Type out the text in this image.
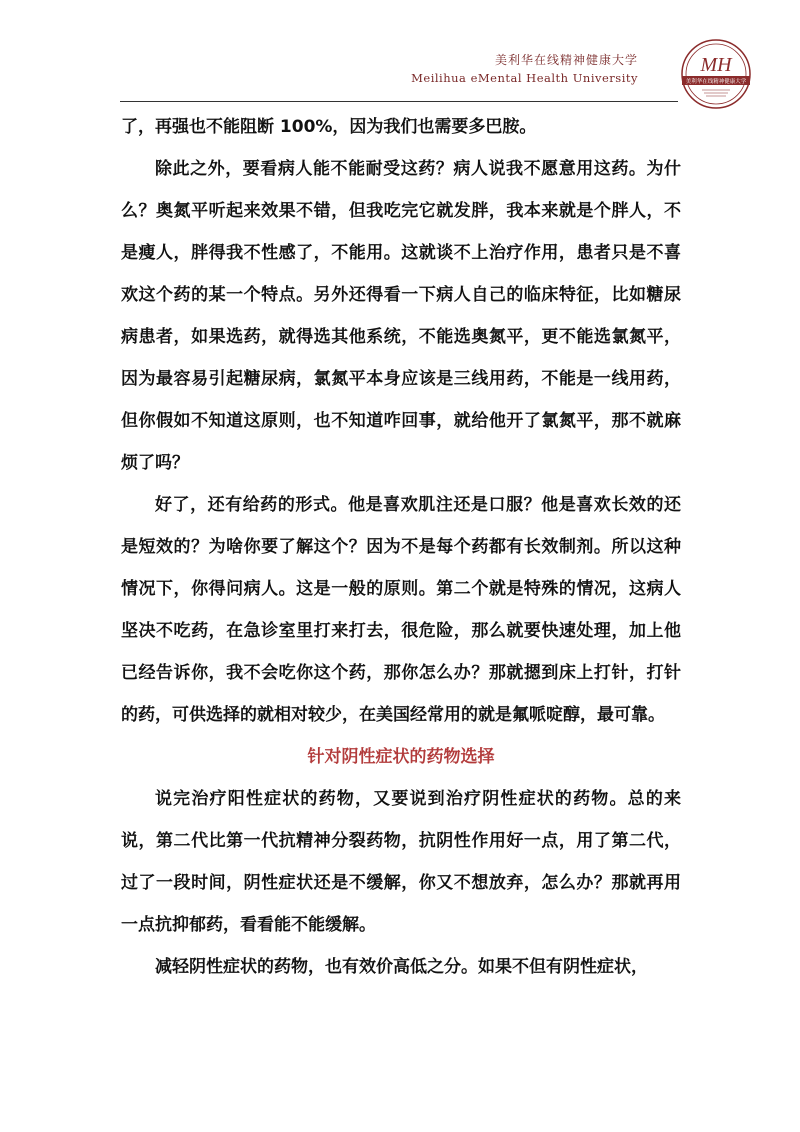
美利华在线精神健康大学
Meilihua eMental Health University
MH
美利华在线精神健康大学

了，再强也不能阻断 100%，因为我们也需要多巴胺。

除此之外，要看病人能不能耐受这药？病人说我不愿意用这药。为什么？奥氮平听起来效果不错，但我吃完它就发胖，我本来就是个胖人，不是瘦人，胖得我不性感了，不能用。这就谈不上治疗作用，患者只是不喜欢这个药的某一个特点。另外还得看一下病人自己的临床特征，比如糖尿病患者，如果选药，就得选其他系统，不能选奥氮平，更不能选氯氮平，因为最容易引起糖尿病，氯氮平本身应该是三线用药，不能是一线用药，但你假如不知道这原则，也不知道咋回事，就给他开了氯氮平，那不就麻烦了吗？

好了，还有给药的形式。他是喜欢肌注还是口服？他是喜欢长效的还是短效的？为啥你要了解这个？因为不是每个药都有长效制剂。所以这种情况下，你得问病人。这是一般的原则。第二个就是特殊的情况，这病人坚决不吃药，在急诊室里打来打去，很危险，那么就要快速处理，加上他已经告诉你，我不会吃你这个药，那你怎么办？那就摁到床上打针，打针的药，可供选择的就相对较少，在美国经常用的就是氟哌啶醇，最可靠。

针对阴性症状的药物选择

说完治疗阳性症状的药物，又要说到治疗阴性症状的药物。总的来说，第二代比第一代抗精神分裂药物，抗阴性作用好一点，用了第二代，过了一段时间，阴性症状还是不缓解，你又不想放弃，怎么办？那就再用一点抗抑郁药，看看能不能缓解。

减轻阴性症状的药物，也有效价高低之分。如果不但有阴性症状，
